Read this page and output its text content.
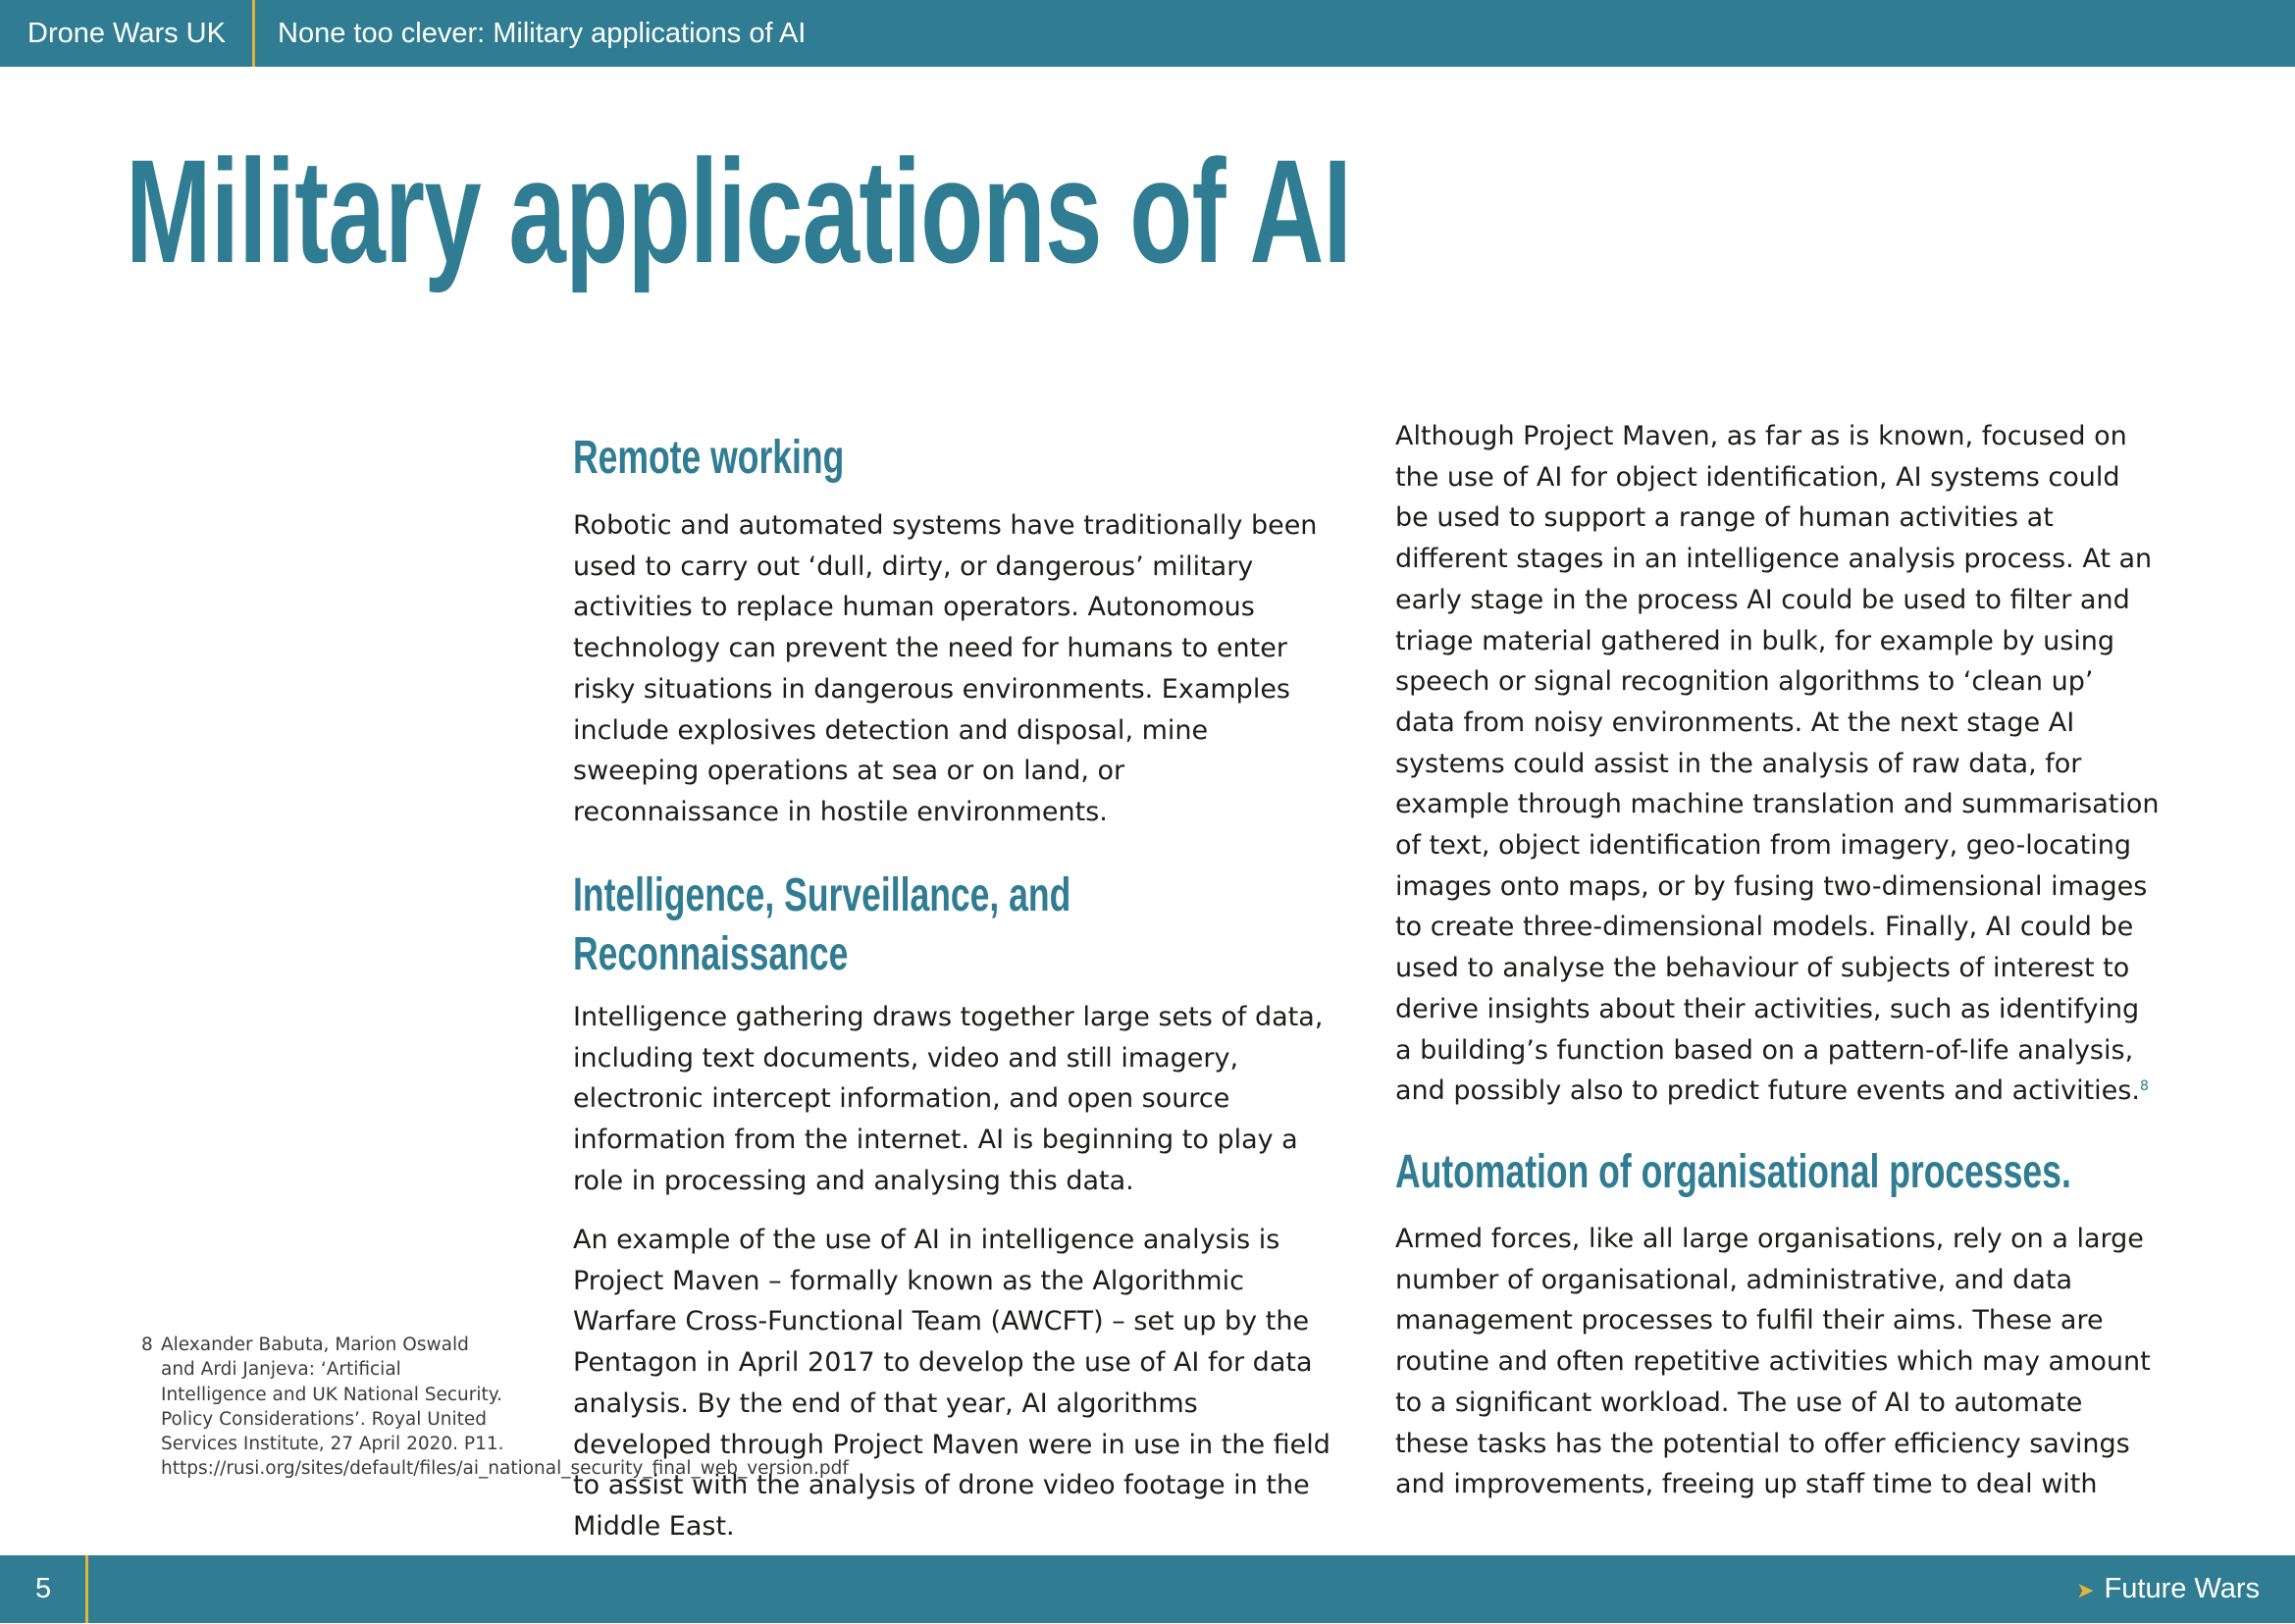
Drone Wars UK None too clever: Military applications of AI
Military applications of AI
Remote working

Robotic and automated systems have traditionally been used to carry out ‘dull, dirty, or dangerous’ military activities to replace human operators. Autonomous technology can prevent the need for humans to enter risky situations in dangerous environments. Examples include explosives detection and disposal, mine sweeping operations at sea or on land, or reconnaissance in hostile environments.

Intelligence, Surveillance, and
Reconnaissance

Intelligence gathering draws together large sets of data, including text documents, video and still imagery, electronic intercept information, and open source information from the internet. AI is beginning to play a role in processing and analysing this data.

An example of the use of AI in intelligence analysis is Project Maven – formally known as the Algorithmic Warfare Cross-Functional Team (AWCFT) – set up by the Pentagon in April 2017 to develop the use of AI for data analysis. By the end of that year, AI algorithms developed through Project Maven were in use in the field to assist with the analysis of drone video footage in the Middle East.

Although Project Maven, as far as is known, focused on the use of AI for object identification, AI systems could be used to support a range of human activities at different stages in an intelligence analysis process. At an early stage in the process AI could be used to filter and triage material gathered in bulk, for example by using speech or signal recognition algorithms to ‘clean up’ data from noisy environments. At the next stage AI systems could assist in the analysis of raw data, for example through machine translation and summarisation of text, object identification from imagery, geo-locating images onto maps, or by fusing two-dimensional images to create three-dimensional models. Finally, AI could be used to analyse the behaviour of subjects of interest to derive insights about their activities, such as identifying a building’s function based on a pattern-of-life analysis, and possibly also to predict future events and activities.$^8$

Automation of organisational processes.

Armed forces, like all large organisations, rely on a large number of organisational, administrative, and data management processes to fulfil their aims. These are routine and often repetitive activities which may amount to a significant workload. The use of AI to automate these tasks has the potential to offer efficiency savings and improvements, freeing up staff time to deal with

8 Alexander Babuta, Marion Oswald and Ardi Janjeva: ‘Artificial Intelligence and UK National Security. Policy Considerations’. Royal United Services Institute, 27 April 2020. P11. https://rusi.org/sites/default/files/ai_national_security_final_web_version.pdf
5	➤ Future Wars
